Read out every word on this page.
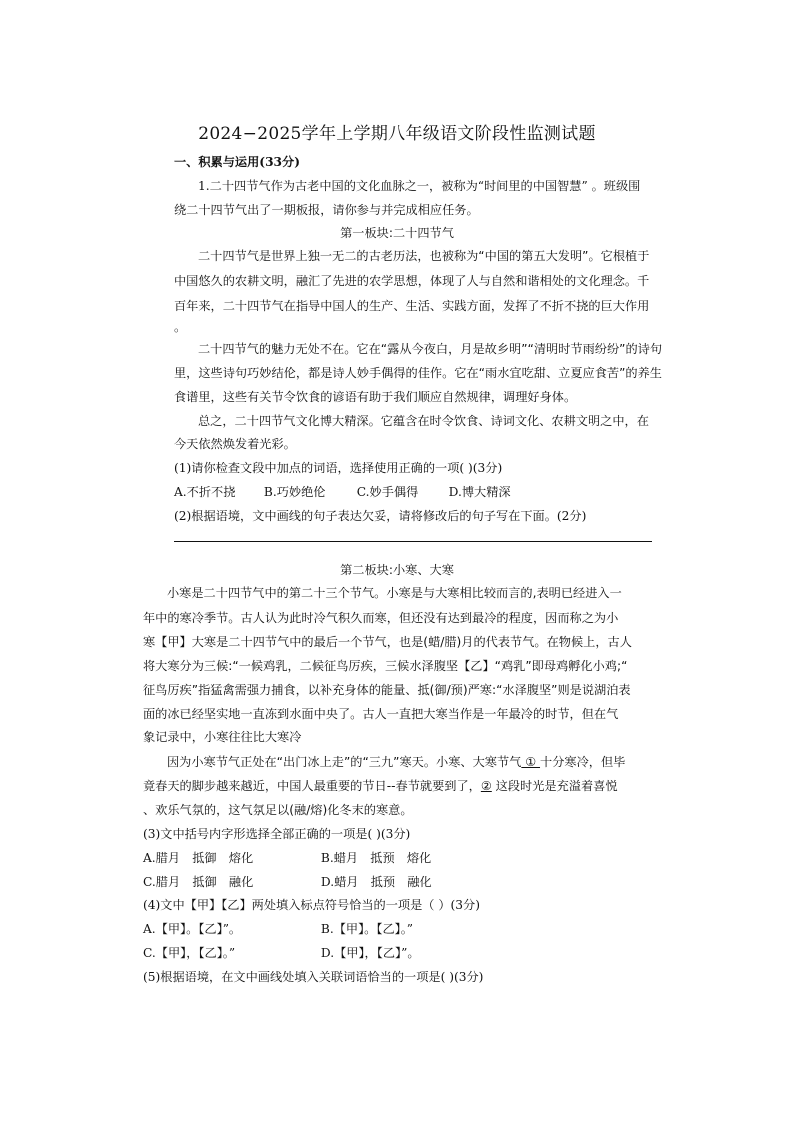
2024−2025学年上学期八年级语文阶段性监测试题
一、积累与运用(33分)
1.二十四节气作为古老中国的文化血脉之一，被称为“时间里的中国智慧” 。班级围
绕二十四节气出了一期板报，请你参与并完成相应任务。
第一板块:二十四节气
二十四节气是世界上独一无二的古老历法，也被称为“中国的第五大发明”。它根植于
中国悠久的农耕文明，融汇了先进的农学思想，体现了人与自然和谐相处的文化理念。千
百年来，二十四节气在指导中国人的生产、生活、实践方面，发挥了不折不挠的巨大作用
。
二十四节气的魅力无处不在。它在“露从今夜白，月是故乡明”“清明时节雨纷纷”的诗句
里，这些诗句巧妙结伦，都是诗人妙手偶得的佳作。它在“雨水宜吃甜、立夏应食苦”的养生
食谱里，这些有关节令饮食的谚语有助于我们顺应自然规律，调理好身体。
总之，二十四节气文化博大精深。它蕴含在时令饮食、诗词文化、农耕文明之中，在
今天依然焕发着光彩。
(1)请你检查文段中加点的词语，选择使用正确的一项( )(3分)
A.不折不挠 B.巧妙绝伦	C.妙手偶得 D.博大精深
(2)根据语境，文中画线的句子表达欠妥，请将修改后的句子写在下面。(2分)
第二板块:小寒、大寒
小寒是二十四节气中的第二十三个节气。小寒是与大寒相比较而言的,表明已经进入一
年中的寒冷季节。古人认为此时冷气积久而寒，但还没有达到最冷的程度，因而称之为小
寒【甲】大寒是二十四节气中的最后一个节气，也是(蜡/腊)月的代表节气。在物候上，古人
将大寒分为三候:“一候鸡乳，二候征鸟厉疾，三候水泽腹坚【乙】“鸡乳”即母鸡孵化小鸡;“
征鸟厉疾”指猛禽需强力捕食，以补充身体的能量、抵(御/预)严寒:“水泽腹坚”则是说湖泊表
面的冰已经坚实地一直冻到水面中央了。古人一直把大寒当作是一年最冷的时节，但在气
象记录中，小寒往往比大寒冷
因为小寒节气正处在“出门冰上走”的“三九”寒天。小寒、大寒节气 ① 十分寒冷，但毕
竟春天的脚步越来越近，中国人最重要的节日--春节就要到了，② 这段时光是充溢着喜悦
、欢乐气氛的，这气氛足以(融/熔)化冬末的寒意。
(3)文中括号内字形选择全部正确的一项是( )(3分)
A.腊月　抵御　熔化	B.蜡月　抵预　熔化
C.腊月　抵御　融化	D.蜡月　抵预　融化
(4)文中【甲】【乙】两处填入标点符号恰当的一项是（ ）(3分)
A.【甲】。【乙】”。	B.【甲】。【乙】。”
C.【甲】，【乙】。”	D.【甲】，【乙】”。
(5)根据语境，在文中画线处填入关联词语恰当的一项是( )(3分)
